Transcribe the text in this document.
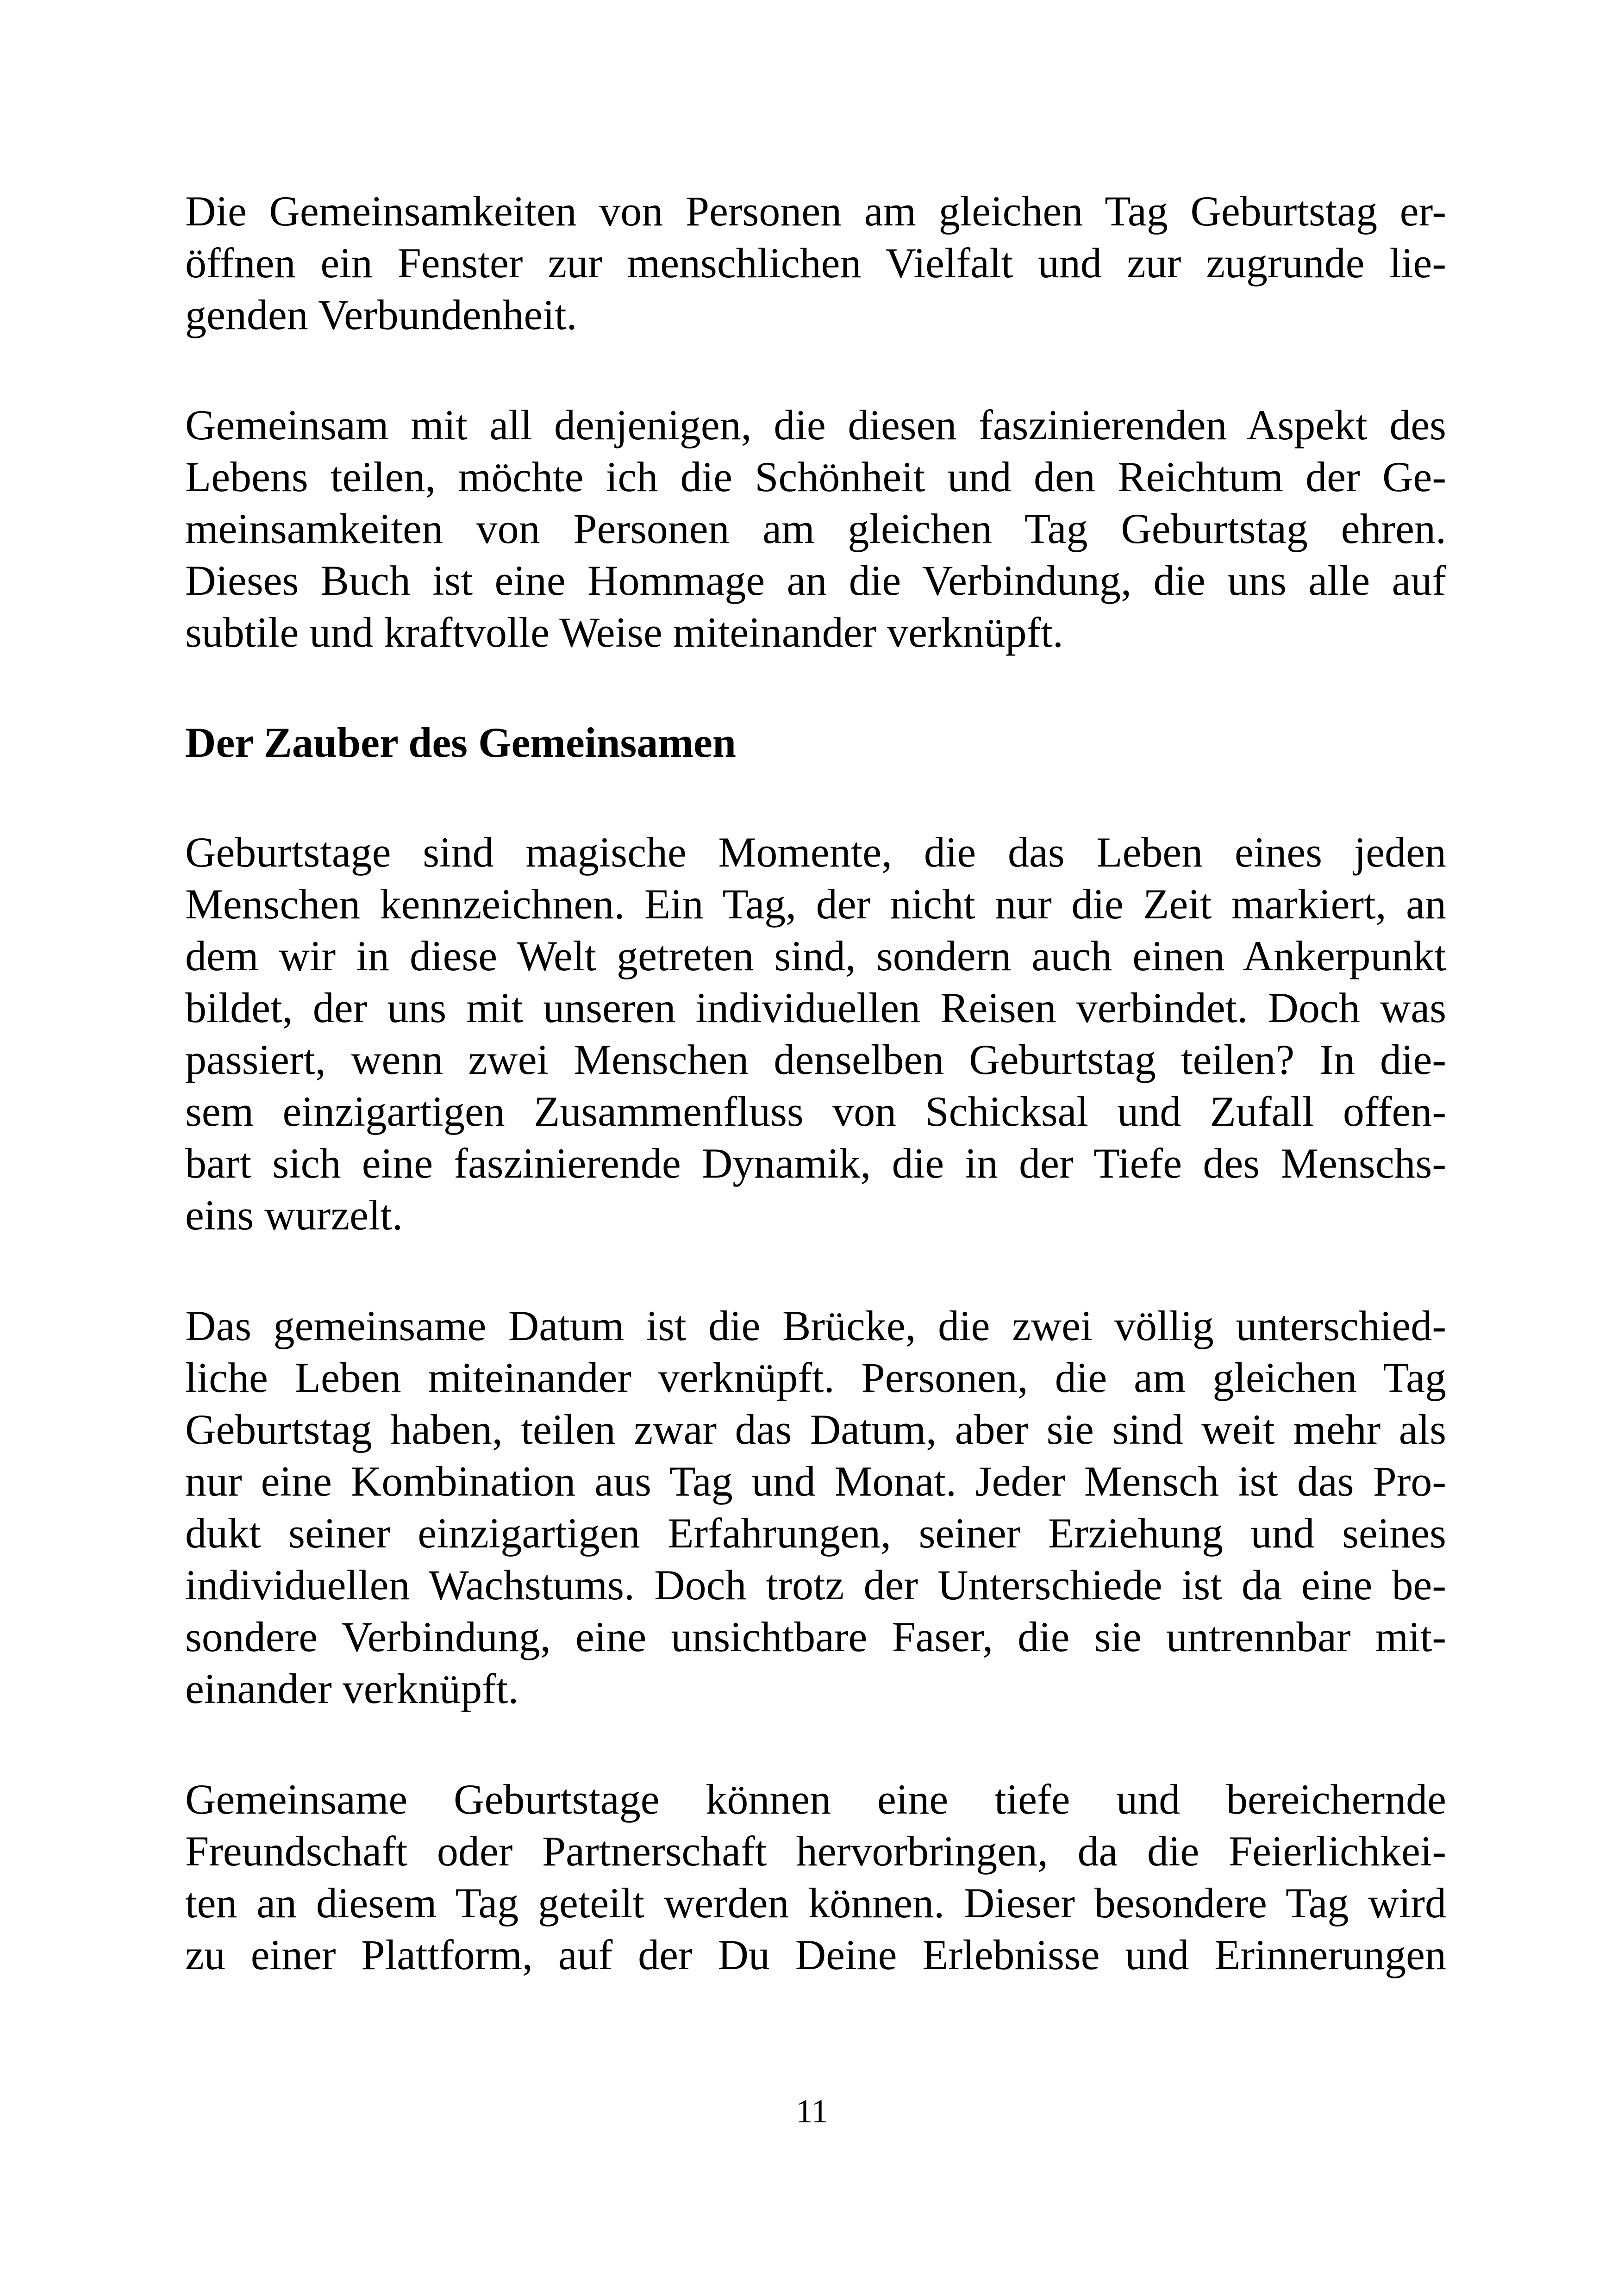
Die Gemeinsamkeiten von Personen am gleichen Tag Geburtstag er-
öffnen ein Fenster zur menschlichen Vielfalt und zur zugrunde lie-
genden Verbundenheit.
Gemeinsam mit all denjenigen, die diesen faszinierenden Aspekt des
Lebens teilen, möchte ich die Schönheit und den Reichtum der Ge-
meinsamkeiten von Personen am gleichen Tag Geburtstag ehren.
Dieses Buch ist eine Hommage an die Verbindung, die uns alle auf
subtile und kraftvolle Weise miteinander verknüpft.
Der Zauber des Gemeinsamen
Geburtstage sind magische Momente, die das Leben eines jeden
Menschen kennzeichnen. Ein Tag, der nicht nur die Zeit markiert, an
dem wir in diese Welt getreten sind, sondern auch einen Ankerpunkt
bildet, der uns mit unseren individuellen Reisen verbindet. Doch was
passiert, wenn zwei Menschen denselben Geburtstag teilen? In die-
sem einzigartigen Zusammenfluss von Schicksal und Zufall offen-
bart sich eine faszinierende Dynamik, die in der Tiefe des Menschs-
eins wurzelt.
Das gemeinsame Datum ist die Brücke, die zwei völlig unterschied-
liche Leben miteinander verknüpft. Personen, die am gleichen Tag
Geburtstag haben, teilen zwar das Datum, aber sie sind weit mehr als
nur eine Kombination aus Tag und Monat. Jeder Mensch ist das Pro-
dukt seiner einzigartigen Erfahrungen, seiner Erziehung und seines
individuellen Wachstums. Doch trotz der Unterschiede ist da eine be-
sondere Verbindung, eine unsichtbare Faser, die sie untrennbar mit-
einander verknüpft.
Gemeinsame Geburtstage können eine tiefe und bereichernde
Freundschaft oder Partnerschaft hervorbringen, da die Feierlichkei-
ten an diesem Tag geteilt werden können. Dieser besondere Tag wird
zu einer Plattform, auf der Du Deine Erlebnisse und Erinnerungen
11
